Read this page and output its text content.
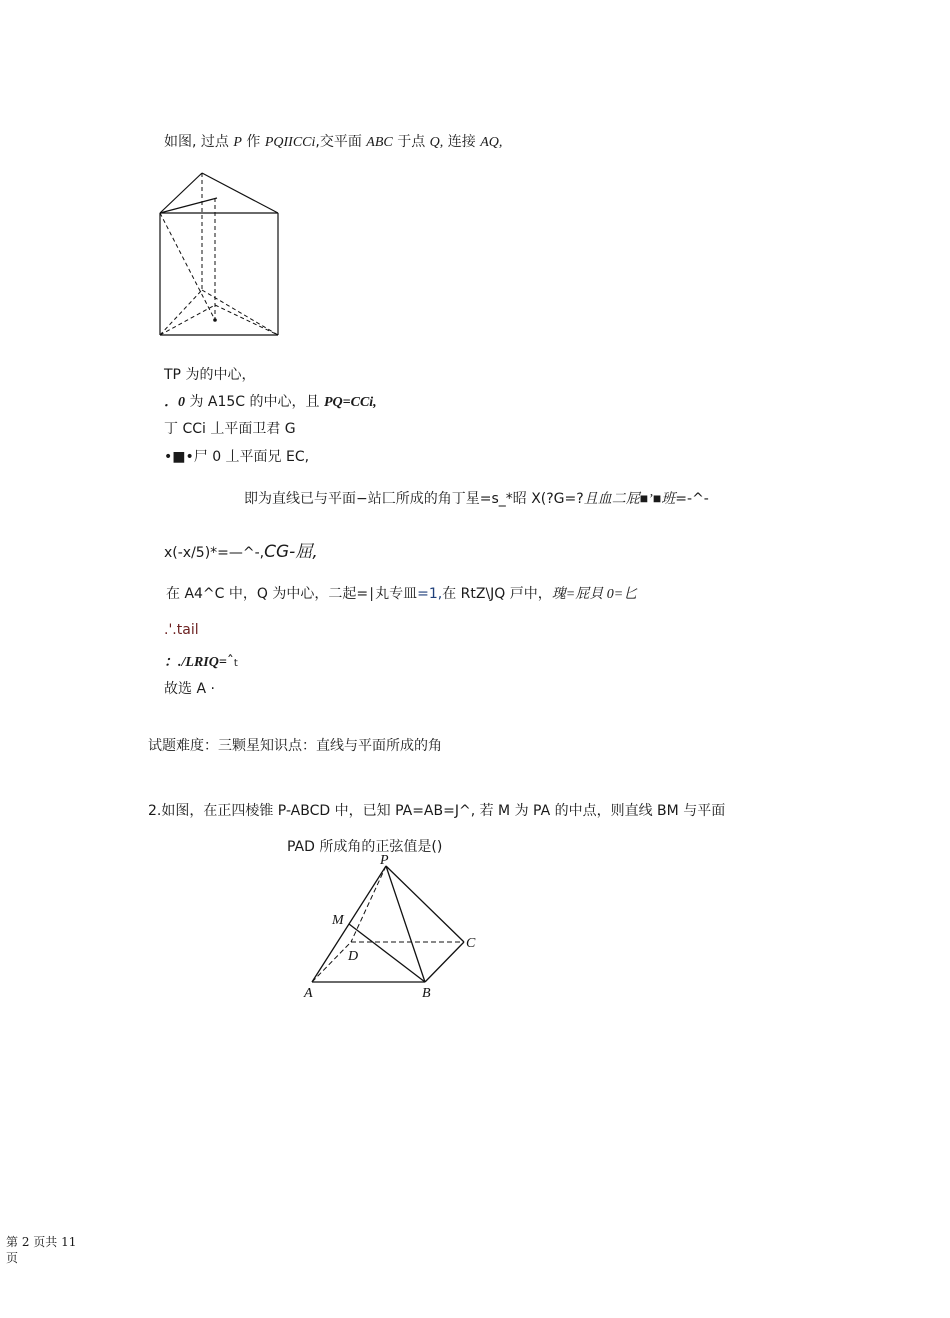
如图, 过点 P 作 PQIICCi,交平面 ABC 于点 Q, 连接 AQ,
TP 为的中心，
．0 为 A15C 的中心，且 PQ=CCi,
丁 CCi 丄平面卫君 G
•■•尸 0 丄平面兄 EC,
即为直线已与平面−站匚所成的角丁星=s_*昭 X(?G=?且血二屁■’■班=-^-
x(-x/5)*=—^-,CG-屈,
在 A4^C 中，Q 为中心，二起=∣丸专皿=1,在 RtZ\JQ 戸中，瑰=屁貝 0=匕
.'.tail
：./LRIQ=ˆt
故选 A ·
试题难度：三颗星知识点：直线与平面所成的角
2.如图，在正四棱锥 P-ABCD 中，已知 PA=AB=J^, 若 M 为 PA 的中点，则直线 BM 与平面
PAD 所成角的正弦值是()
P
M
D
C
A	B
第 2 页共 11
页
